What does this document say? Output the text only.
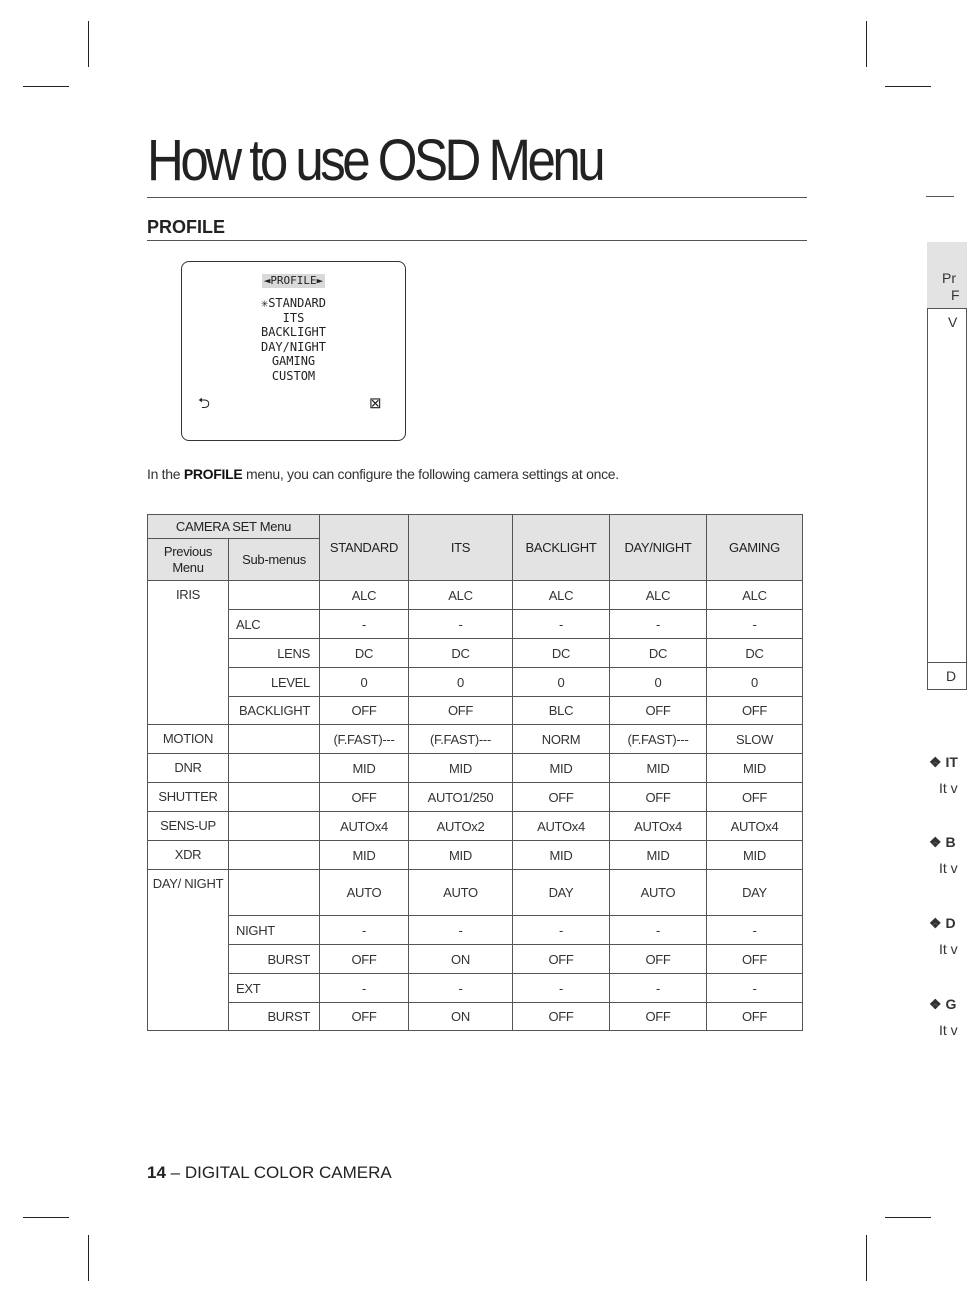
How to use OSD Menu
PROFILE
◄PROFILE►
✳STANDARD
ITS
BACKLIGHT
DAY/NIGHT
GAMING
CUSTOM
⮌	⊠
In the PROFILE menu, you can configure the following camera settings at once.
CAMERA SET Menu		STANDARD	ITS	BACKLIGHT	DAY/NIGHT	GAMING
Previous Menu	Sub-menus					
IRIS		ALC	ALC	ALC	ALC	ALC
	ALC	-	-	-	-	-
	LENS	DC	DC	DC	DC	DC
	LEVEL	0	0	0	0	0
	BACKLIGHT	OFF	OFF	BLC	OFF	OFF
MOTION		(F.FAST)---	(F.FAST)---	NORM	(F.FAST)---	SLOW
DNR		MID	MID	MID	MID	MID
SHUTTER		OFF	AUTO1/250	OFF	OFF	OFF
SENS-UP		AUTOx4	AUTOx2	AUTOx4	AUTOx4	AUTOx4
XDR		MID	MID	MID	MID	MID
DAY/ NIGHT		AUTO	AUTO	DAY	AUTO	DAY
	NIGHT	-	-	-	-	-
	BURST	OFF	ON	OFF	OFF	OFF
	EXT	-	-	-	-	-
	BURST	OFF	ON	OFF	OFF	OFF
14 – DIGITAL COLOR CAMERA
Pr
F
V
D
❖ IT
It v
❖ B
It v
❖ D
It v
❖ G
It v
